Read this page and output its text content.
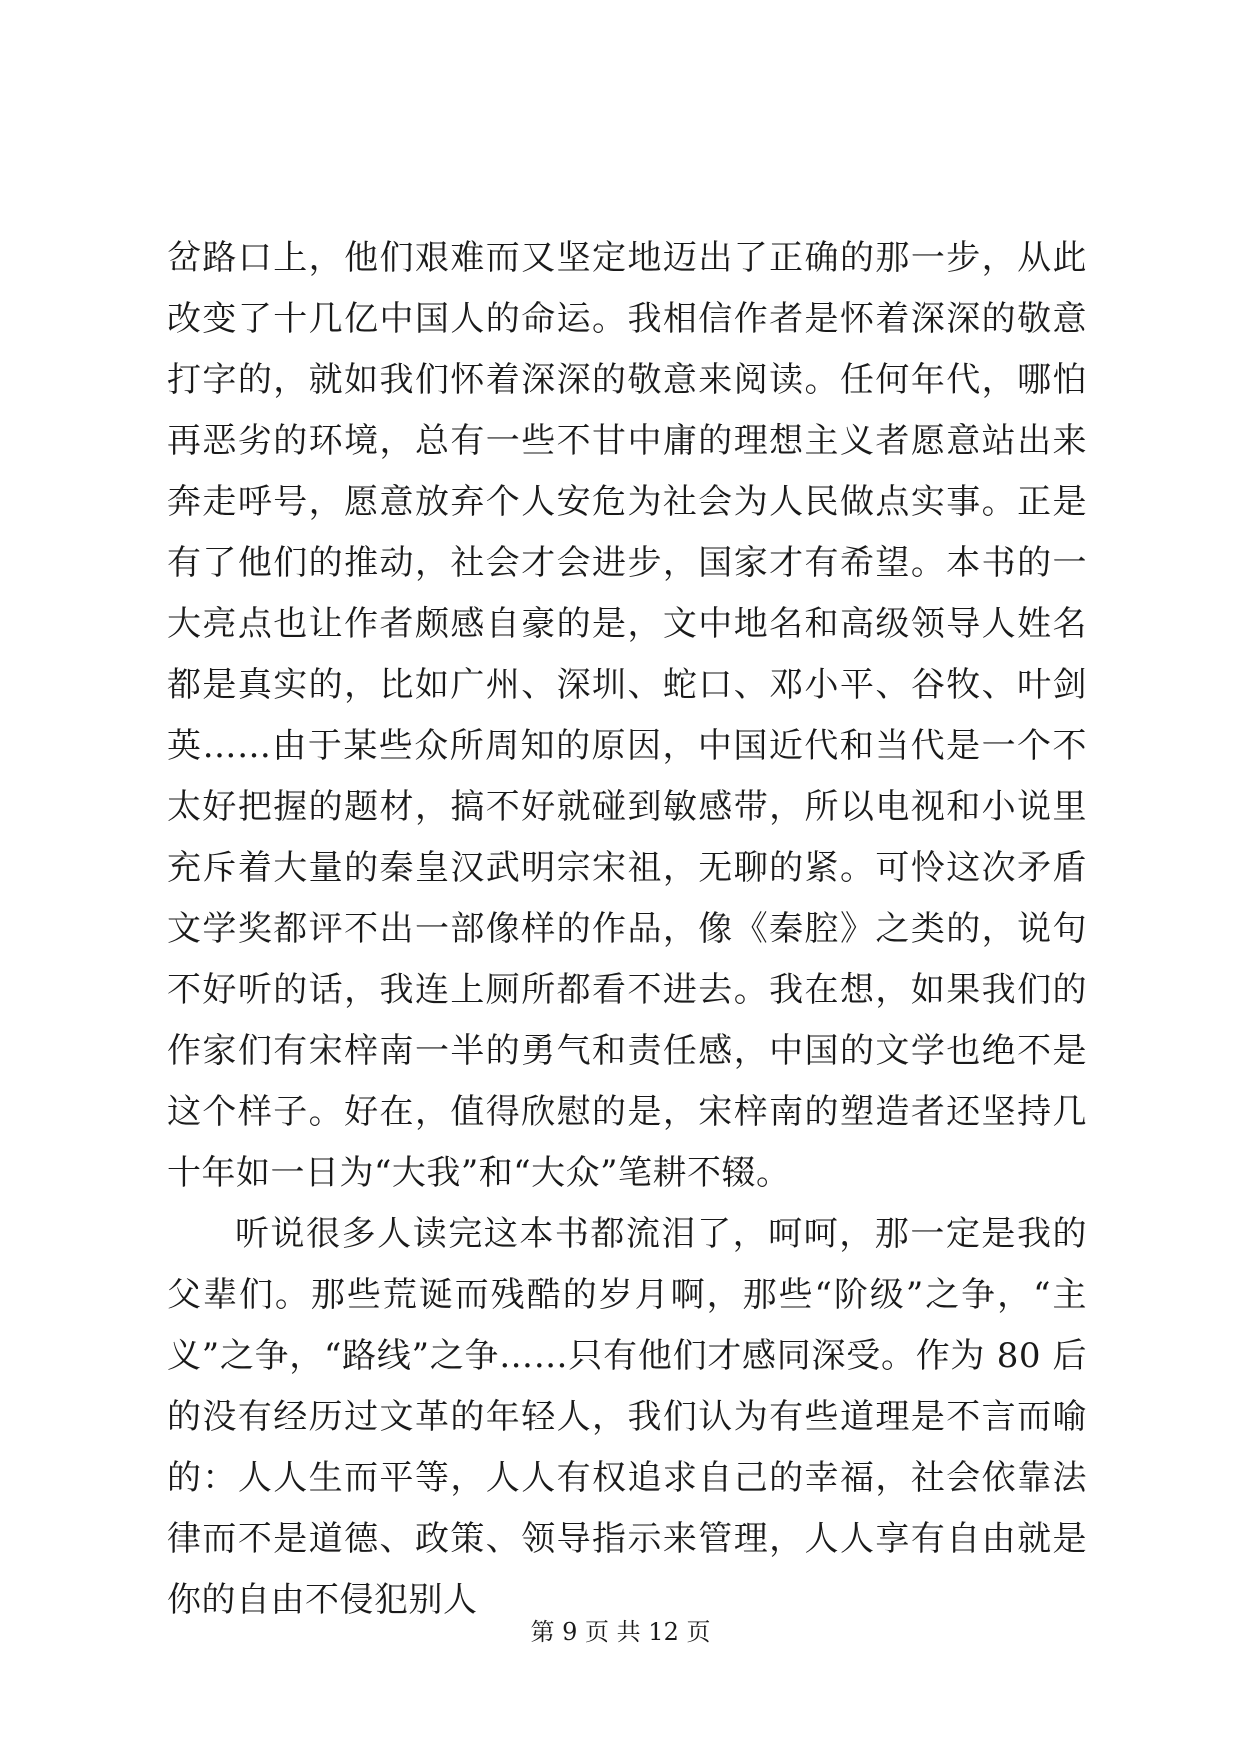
岔路口上，他们艰难而又坚定地迈出了正确的那一步，从此改变了十几亿中国人的命运。我相信作者是怀着深深的敬意打字的，就如我们怀着深深的敬意来阅读。任何年代，哪怕再恶劣的环境，总有一些不甘中庸的理想主义者愿意站出来奔走呼号，愿意放弃个人安危为社会为人民做点实事。正是有了他们的推动，社会才会进步，国家才有希望。本书的一大亮点也让作者颇感自豪的是，文中地名和高级领导人姓名都是真实的，比如广州、深圳、蛇口、邓小平、谷牧、叶剑英……由于某些众所周知的原因，中国近代和当代是一个不太好把握的题材，搞不好就碰到敏感带，所以电视和小说里充斥着大量的秦皇汉武明宗宋祖，无聊的紧。可怜这次矛盾文学奖都评不出一部像样的作品，像《秦腔》之类的，说句不好听的话，我连上厕所都看不进去。我在想，如果我们的作家们有宋梓南一半的勇气和责任感，中国的文学也绝不是这个样子。好在，值得欣慰的是，宋梓南的塑造者还坚持几十年如一日为“大我”和“大众”笔耕不辍。

听说很多人读完这本书都流泪了，呵呵，那一定是我的父辈们。那些荒诞而残酷的岁月啊，那些“阶级”之争，“主义”之争，“路线”之争……只有他们才感同深受。作为 80 后的没有经历过文革的年轻人，我们认为有些道理是不言而喻的：人人生而平等，人人有权追求自己的幸福，社会依靠法律而不是道德、政策、领导指示来管理，人人享有自由就是你的自由不侵犯别人

第 9 页 共 12 页
